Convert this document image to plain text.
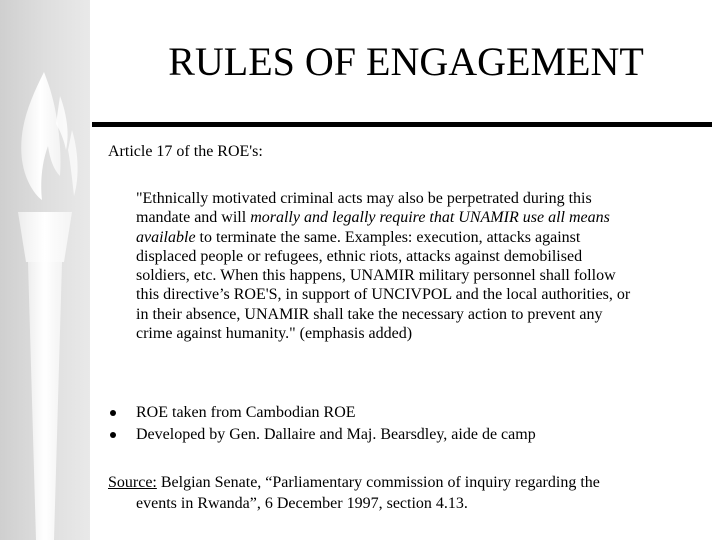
RULES OF ENGAGEMENT
Article 17 of the ROE's:
"Ethnically motivated criminal acts may also be perpetrated during this
mandate and will morally and legally require that UNAMIR use all means
available to terminate the same. Examples: execution, attacks against
displaced people or refugees, ethnic riots, attacks against demobilised
soldiers, etc. When this happens, UNAMIR military personnel shall follow
this directive’s ROE'S, in support of UNCIVPOL and the local authorities, or
in their absence, UNAMIR shall take the necessary action to prevent any
crime against humanity." (emphasis added)
ROE taken from Cambodian ROE
Developed by Gen. Dallaire and Maj. Bearsdley, aide de camp
Source: Belgian Senate, “Parliamentary commission of inquiry regarding the
events in Rwanda”, 6 December 1997, section 4.13.
